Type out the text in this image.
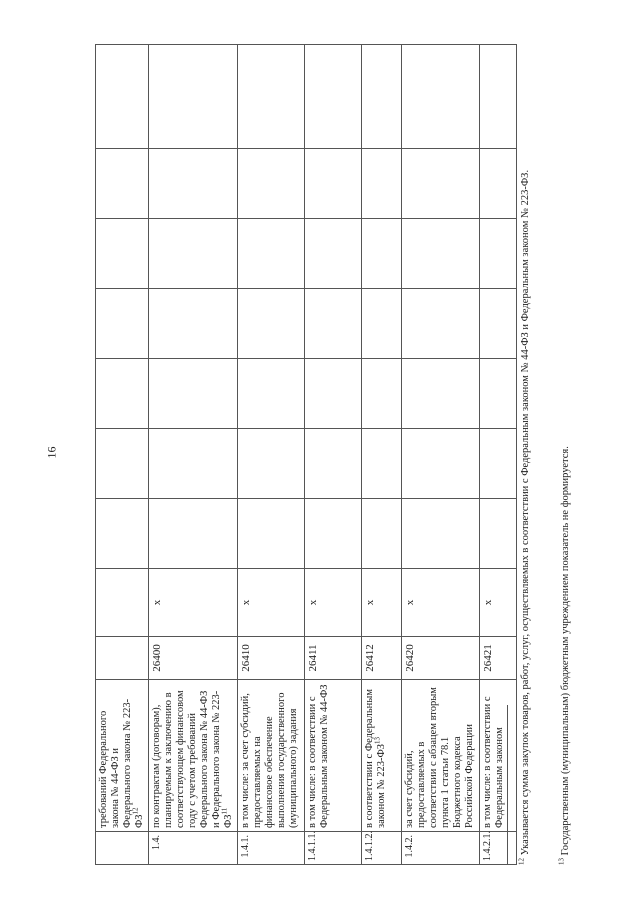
16
	требований Федерального закона № 44-ФЗ и Федерального закона № 223-ФЗ$^{12}$									
1.4.	по контрактам (договорам), планируемым к заключению в соответствующем финансовом году с учетом требований Федерального закона № 44-ФЗ и Федерального закона № 223-ФЗ$^{11}$	26400	x							
1.4.1.	в том числе: за счет субсидий, предоставляемых на финансовое обеспечение выполнения государственного (муниципального) задания	26410	x							
1.4.1.1.	в том числе: в соответствии с Федеральным законом № 44-ФЗ	26411	x							
1.4.1.2.	в соответствии с Федеральным законом № 223-ФЗ$^{13}$	26412	x							
1.4.2.	за счет субсидий, предоставляемых в соответствии с абзацем вторым пункта 1 статьи 78.1 Бюджетного кодекса Российской Федерации	26420	x							
1.4.2.1.	в том числе: в соответствии с Федеральным законом	26421	x							
$^{12}$ Указывается сумма закупок товаров, работ, услуг, осуществляемых в соответствии с Федеральным законом № 44-ФЗ и Федеральным законом № 223-ФЗ.
$^{13}$ Государственным (муниципальным) бюджетным учреждением показатель не формируется.
